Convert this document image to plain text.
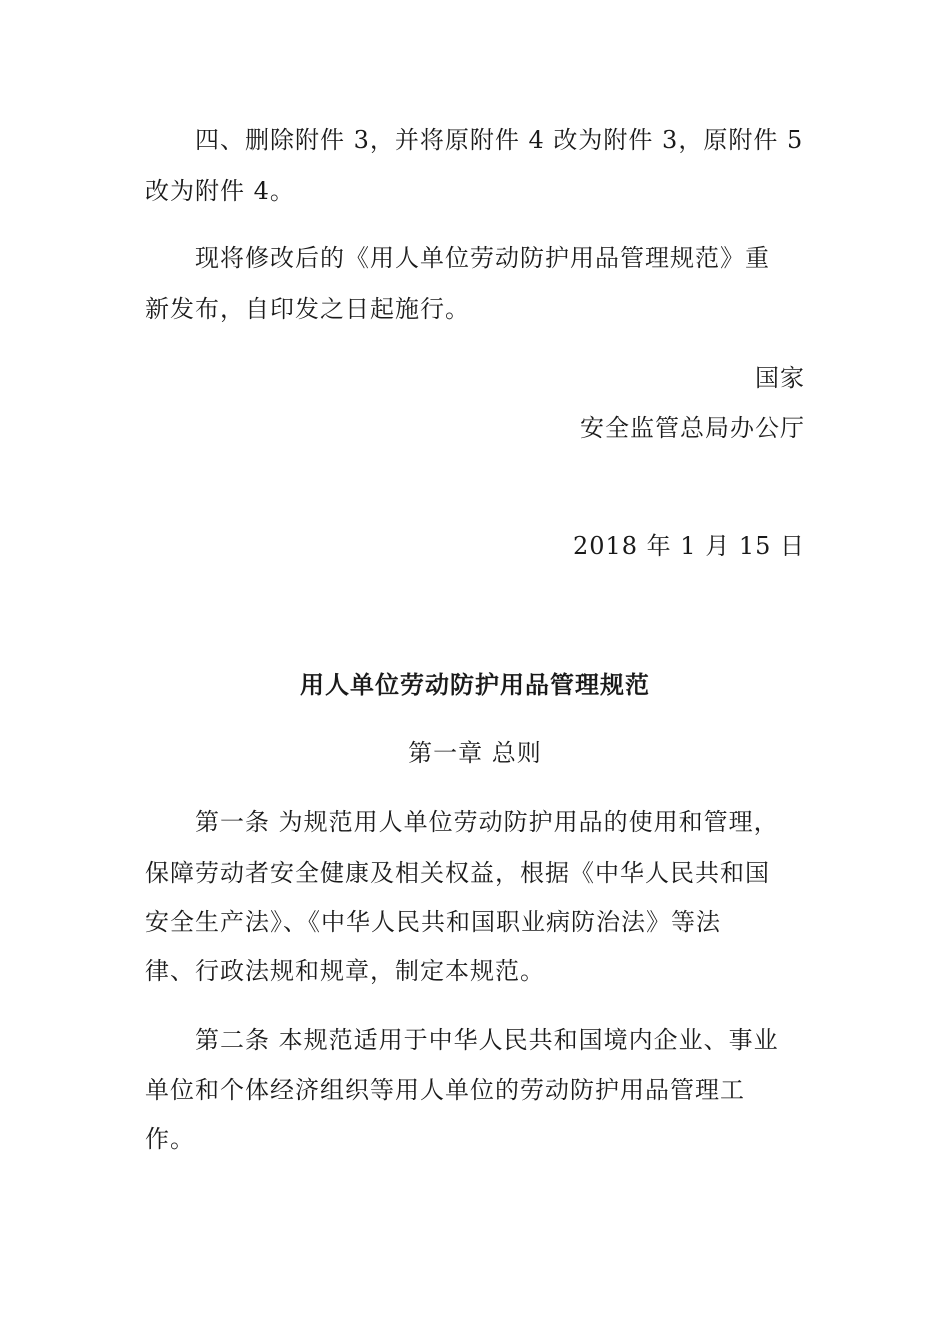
四、删除附件 3，并将原附件 4 改为附件 3，原附件 5

改为附件 4。

现将修改后的《用人单位劳动防护用品管理规范》重

新发布，自印发之日起施行。

国家

安全监管总局办公厅

2018 年 1 月 15 日

用人单位劳动防护用品管理规范
第一章 总则

第一条 为规范用人单位劳动防护用品的使用和管理，

保障劳动者安全健康及相关权益，根据《中华人民共和国

安全生产法》、《中华人民共和国职业病防治法》等法

律、行政法规和规章，制定本规范。

第二条 本规范适用于中华人民共和国境内企业、事业

单位和个体经济组织等用人单位的劳动防护用品管理工

作。
